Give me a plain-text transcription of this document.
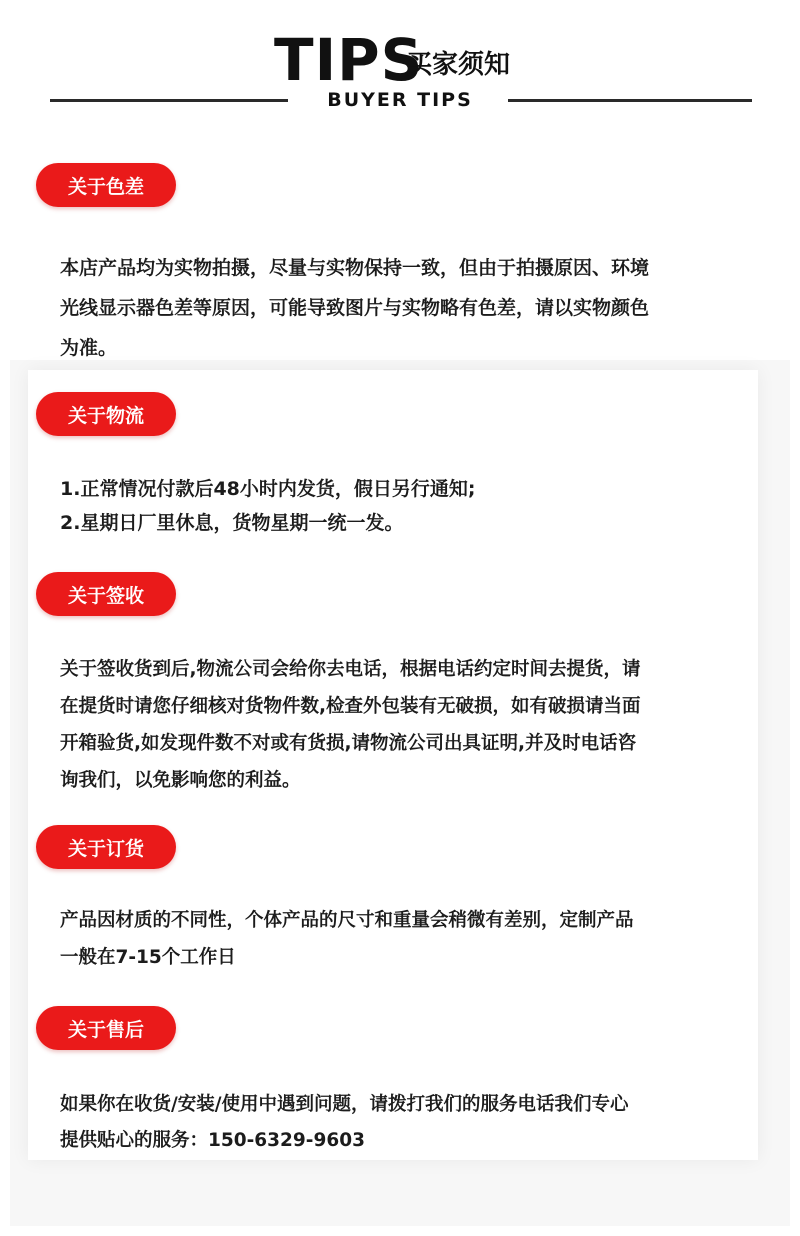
TIPS
买家须知
BUYER TIPS
关于色差

本店产品均为实物拍摄，尽量与实物保持一致，但由于拍摄原因、环境

光线显示器色差等原因，可能导致图片与实物略有色差，请以实物颜色

为准。

关于物流

1.正常情况付款后48小时内发货，假日另行通知;

2.星期日厂里休息，货物星期一统一发。

关于签收

关于签收货到后,物流公司会给你去电话，根据电话约定时间去提货，请

在提货时请您仔细核对货物件数,检查外包装有无破损，如有破损请当面

开箱验货,如发现件数不对或有货损,请物流公司出具证明,并及时电话咨

询我们，以免影响您的利益。

关于订货

产品因材质的不同性，个体产品的尺寸和重量会稍微有差别，定制产品

一般在7-15个工作日

关于售后

如果你在收货/安装/使用中遇到问题，请拨打我们的服务电话我们专心

提供贴心的服务：150-6329-9603
